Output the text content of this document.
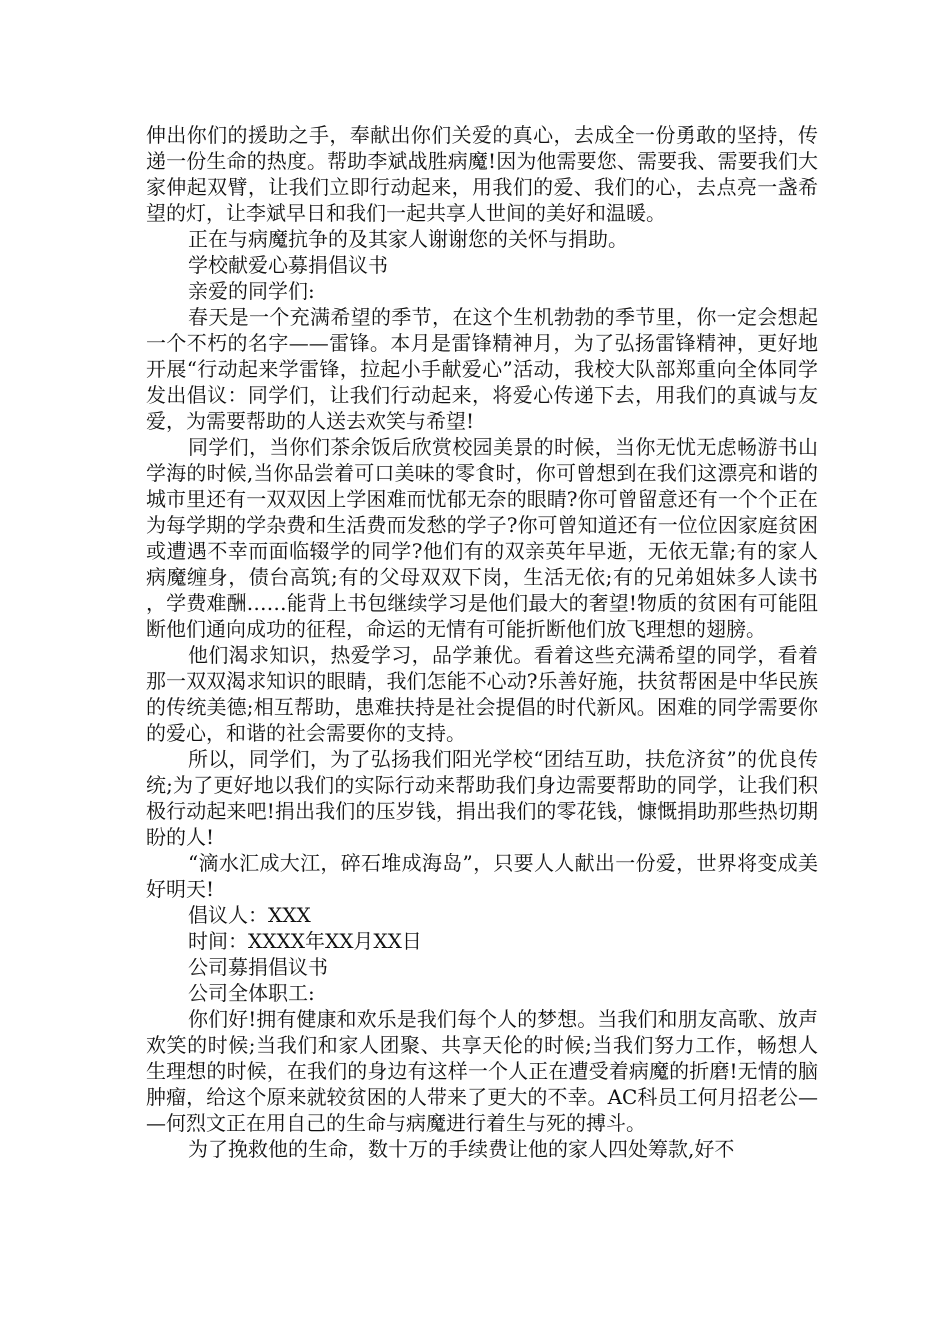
伸出你们的援助之手，奉献出你们关爱的真心，去成全一份勇敢的坚持，传递一份生命的热度。帮助李斌战胜病魔!因为他需要您、需要我、需要我们大家伸起双臂，让我们立即行动起来，用我们的爱、我们的心，去点亮一盏希望的灯，让李斌早日和我们一起共享人世间的美好和温暖。

正在与病魔抗争的及其家人谢谢您的关怀与捐助。

学校献爱心募捐倡议书

亲爱的同学们:

春天是一个充满希望的季节，在这个生机勃勃的季节里，你一定会想起一个不朽的名字——雷锋。本月是雷锋精神月，为了弘扬雷锋精神，更好地开展“行动起来学雷锋，拉起小手献爱心”活动，我校大队部郑重向全体同学发出倡议：同学们，让我们行动起来，将爱心传递下去，用我们的真诚与友爱，为需要帮助的人送去欢笑与希望!

同学们，当你们茶余饭后欣赏校园美景的时候，当你无忧无虑畅游书山学海的时候,当你品尝着可口美味的零食时，你可曾想到在我们这漂亮和谐的城市里还有一双双因上学困难而忧郁无奈的眼睛?你可曾留意还有一个个正在为每学期的学杂费和生活费而发愁的学子?你可曾知道还有一位位因家庭贫困或遭遇不幸而面临辍学的同学?他们有的双亲英年早逝，无依无靠;有的家人病魔缠身，债台高筑;有的父母双双下岗，生活无依;有的兄弟姐妹多人读书，学费难酬……能背上书包继续学习是他们最大的奢望!物质的贫困有可能阻断他们通向成功的征程，命运的无情有可能折断他们放飞理想的翅膀。

他们渴求知识，热爱学习，品学兼优。看着这些充满希望的同学，看着那一双双渴求知识的眼睛，我们怎能不心动?乐善好施，扶贫帮困是中华民族的传统美德;相互帮助，患难扶持是社会提倡的时代新风。困难的同学需要你的爱心，和谐的社会需要你的支持。

所以，同学们，为了弘扬我们阳光学校“团结互助，扶危济贫”的优良传统;为了更好地以我们的实际行动来帮助我们身边需要帮助的同学，让我们积极行动起来吧!捐出我们的压岁钱，捐出我们的零花钱，慷慨捐助那些热切期盼的人!

“滴水汇成大江，碎石堆成海岛”，只要人人献出一份爱，世界将变成美好明天!

倡议人：XXX

时间：XXXX年XX月XX日

公司募捐倡议书

公司全体职工:

你们好!拥有健康和欢乐是我们每个人的梦想。当我们和朋友高歌、放声欢笑的时候;当我们和家人团聚、共享天伦的时候;当我们努力工作，畅想人生理想的时候，在我们的身边有这样一个人正在遭受着病魔的折磨!无情的脑肿瘤，给这个原来就较贫困的人带来了更大的不幸。AC科员工何月招老公——何烈文正在用自己的生命与病魔进行着生与死的搏斗。

为了挽救他的生命，数十万的手续费让他的家人四处筹款,好不
